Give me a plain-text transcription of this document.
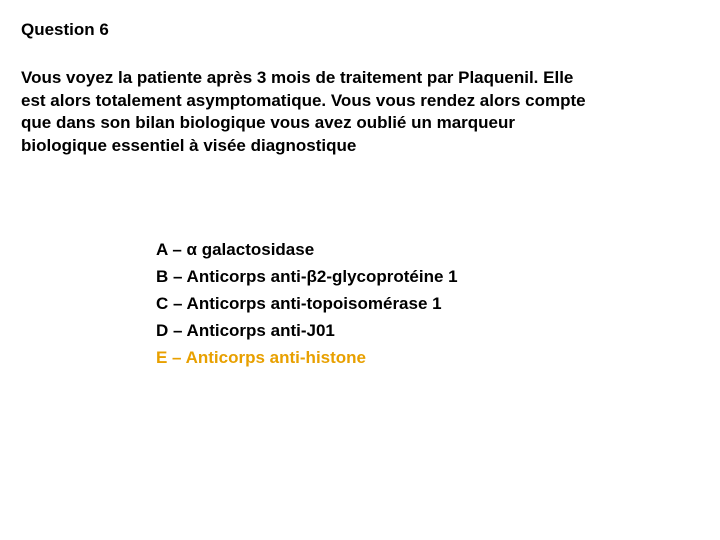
Question 6
Vous voyez la patiente après 3 mois de traitement par Plaquenil. Elle
est alors totalement asymptomatique. Vous vous rendez alors compte
que dans son bilan biologique vous avez oublié un marqueur
biologique essentiel à visée diagnostique
A – α galactosidase
B – Anticorps anti-β2-glycoprotéine 1
C – Anticorps anti-topoisomérase 1
D – Anticorps anti-J01
E – Anticorps anti-histone
